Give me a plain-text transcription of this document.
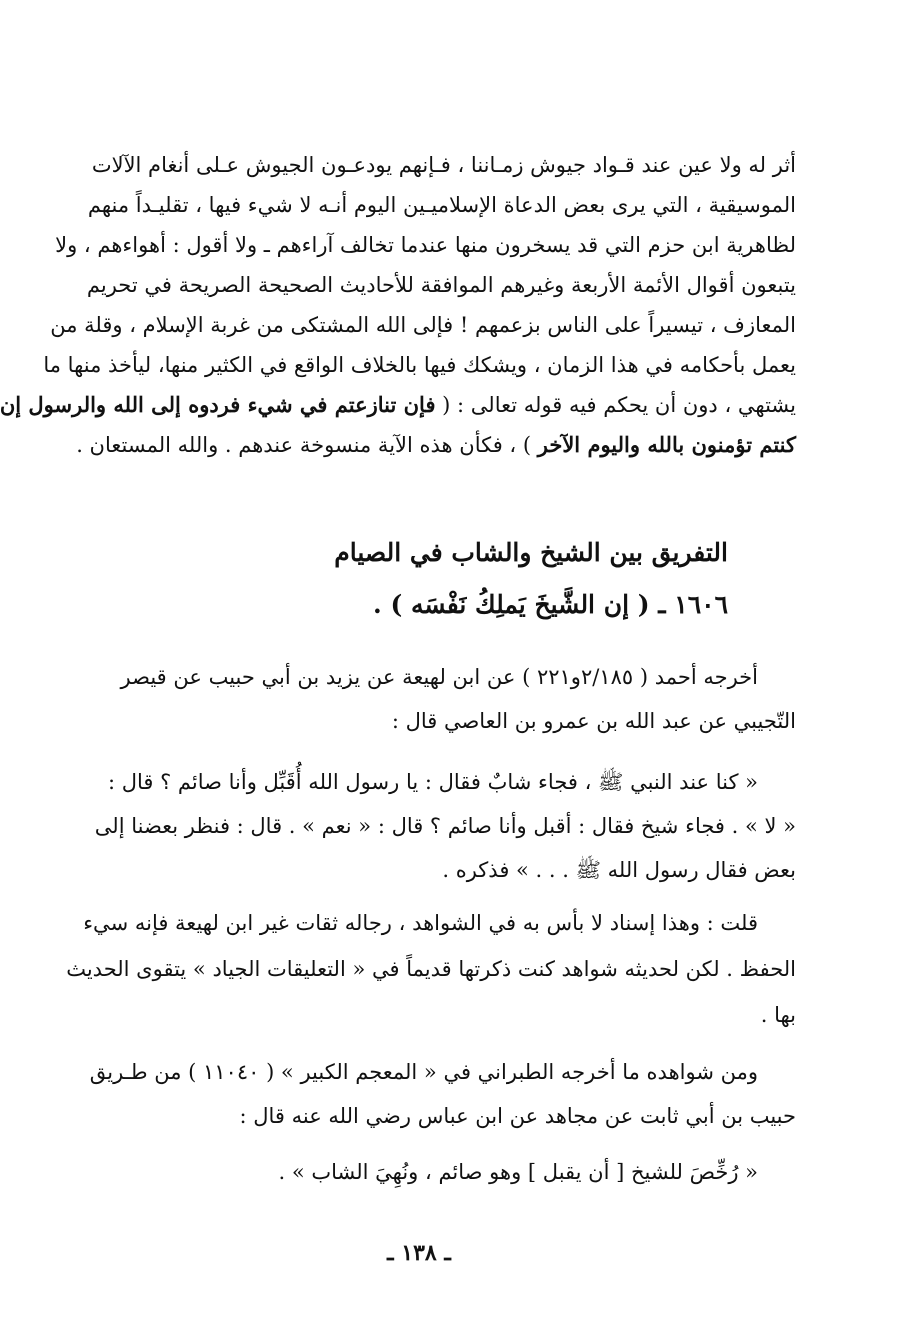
أثر له ولا عين عند قـواد جيوش زمـاننا ، فـإنهم يودعـون الجيوش عـلى أنغام الآلات
الموسيقية ، التي يرى بعض الدعاة الإسلاميـين اليوم أنـه لا شيء فيها ، تقليـداً منهم
لظاهرية ابن حزم التي قد يسخرون منها عندما تخالف آراءهم ـ ولا أقول : أهواءهم ، ولا
يتبعون أقوال الأئمة الأربعة وغيرهم الموافقة للأحاديث الصحيحة الصريحة في تحريم
المعازف ، تيسيراً على الناس بزعمهم ! فإلى الله المشتكى من غربة الإسلام ، وقلة من
يعمل بأحكامه في هذا الزمان ، ويشكك فيها بالخلاف الواقع في الكثير منها، ليأخذ منها ما
يشتهي ، دون أن يحكم فيه قوله تعالى : ( فإن تنازعتم في شيء فردوه إلى الله والرسول إن
كنتم تؤمنون بالله واليوم الآخر ) ، فكأن هذه الآية منسوخة عندهم . والله المستعان .
التفريق بين الشيخ والشاب في الصيام
١٦٠٦ ـ ( إن الشَّيخَ يَملِكُ نَفْسَه ) .
أخرجه أحمد ( ٢/١٨٥و٢٢١ ) عن ابن لهيعة عن يزيد بن أبي حبيب عن قيصر
التّجيبي عن عبد الله بن عمرو بن العاصي قال :
« كنا عند النبي ﷺ ، فجاء شابٌ فقال : يا رسول الله أُقَبِّل وأنا صائم ؟ قال :
« لا » . فجاء شيخ فقال : أقبل وأنا صائم ؟ قال : « نعم » . قال : فنظر بعضنا إلى
بعض فقال رسول الله ﷺ . . . » فذكره .
قلت : وهذا إسناد لا بأس به في الشواهد ، رجاله ثقات غير ابن لهيعة فإنه سيء
الحفظ . لكن لحديثه شواهد كنت ذكرتها قديماً في « التعليقات الجياد » يتقوى الحديث
بها .
ومن شواهده ما أخرجه الطبراني في « المعجم الكبير » ( ١١٠٤٠ ) من طـريق
حبيب بن أبي ثابت عن مجاهد عن ابن عباس رضي الله عنه قال :
« رُخِّصَ للشيخ [ أن يقبل ] وهو صائم ، ونُهِيَ الشاب » .
ـ ١٣٨ ـ
